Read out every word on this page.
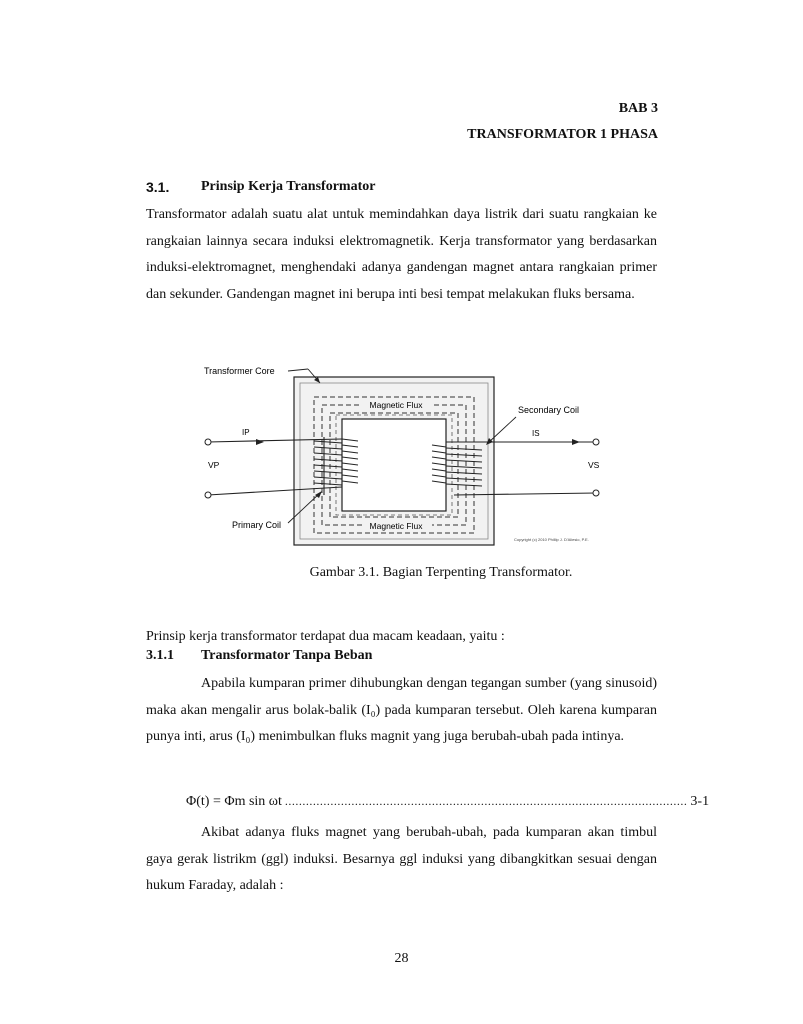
BAB 3
TRANSFORMATOR 1 PHASA
3.1. Prinsip Kerja Transformator
Transformator adalah suatu alat untuk memindahkan daya listrik dari suatu rangkaian ke rangkaian lainnya secara induksi elektromagnetik. Kerja transformator yang berdasarkan induksi-elektromagnet, menghendaki adanya gandengan magnet antara rangkaian primer dan sekunder. Gandengan magnet ini berupa inti besi tempat melakukan fluks bersama.
Magnetic Flux
Magnetic Flux
IP	IS
VP	VS
Transformer Core
Secondary Coil
Primary Coil
Copyright (c) 2010 Phillip J. D'Aliesio, P.E.
Gambar 3.1. Bagian Terpenting Transformator.
Prinsip kerja transformator terdapat dua macam keadaan, yaitu :
3.1.1 Transformator Tanpa Beban
Apabila kumparan primer dihubungkan dengan tegangan sumber (yang sinusoid) maka akan mengalir arus bolak-balik (I₀) pada kumparan tersebut. Oleh karena kumparan punya inti, arus (I₀) menimbulkan fluks magnit yang juga berubah-ubah pada intinya.
Φ(t) = Φm sin ωt ................................................................................................................... 3-1
Akibat adanya fluks magnet yang berubah-ubah, pada kumparan akan timbul gaya gerak listrikm (ggl) induksi. Besarnya ggl induksi yang dibangkitkan sesuai dengan hukum Faraday, adalah :
28
